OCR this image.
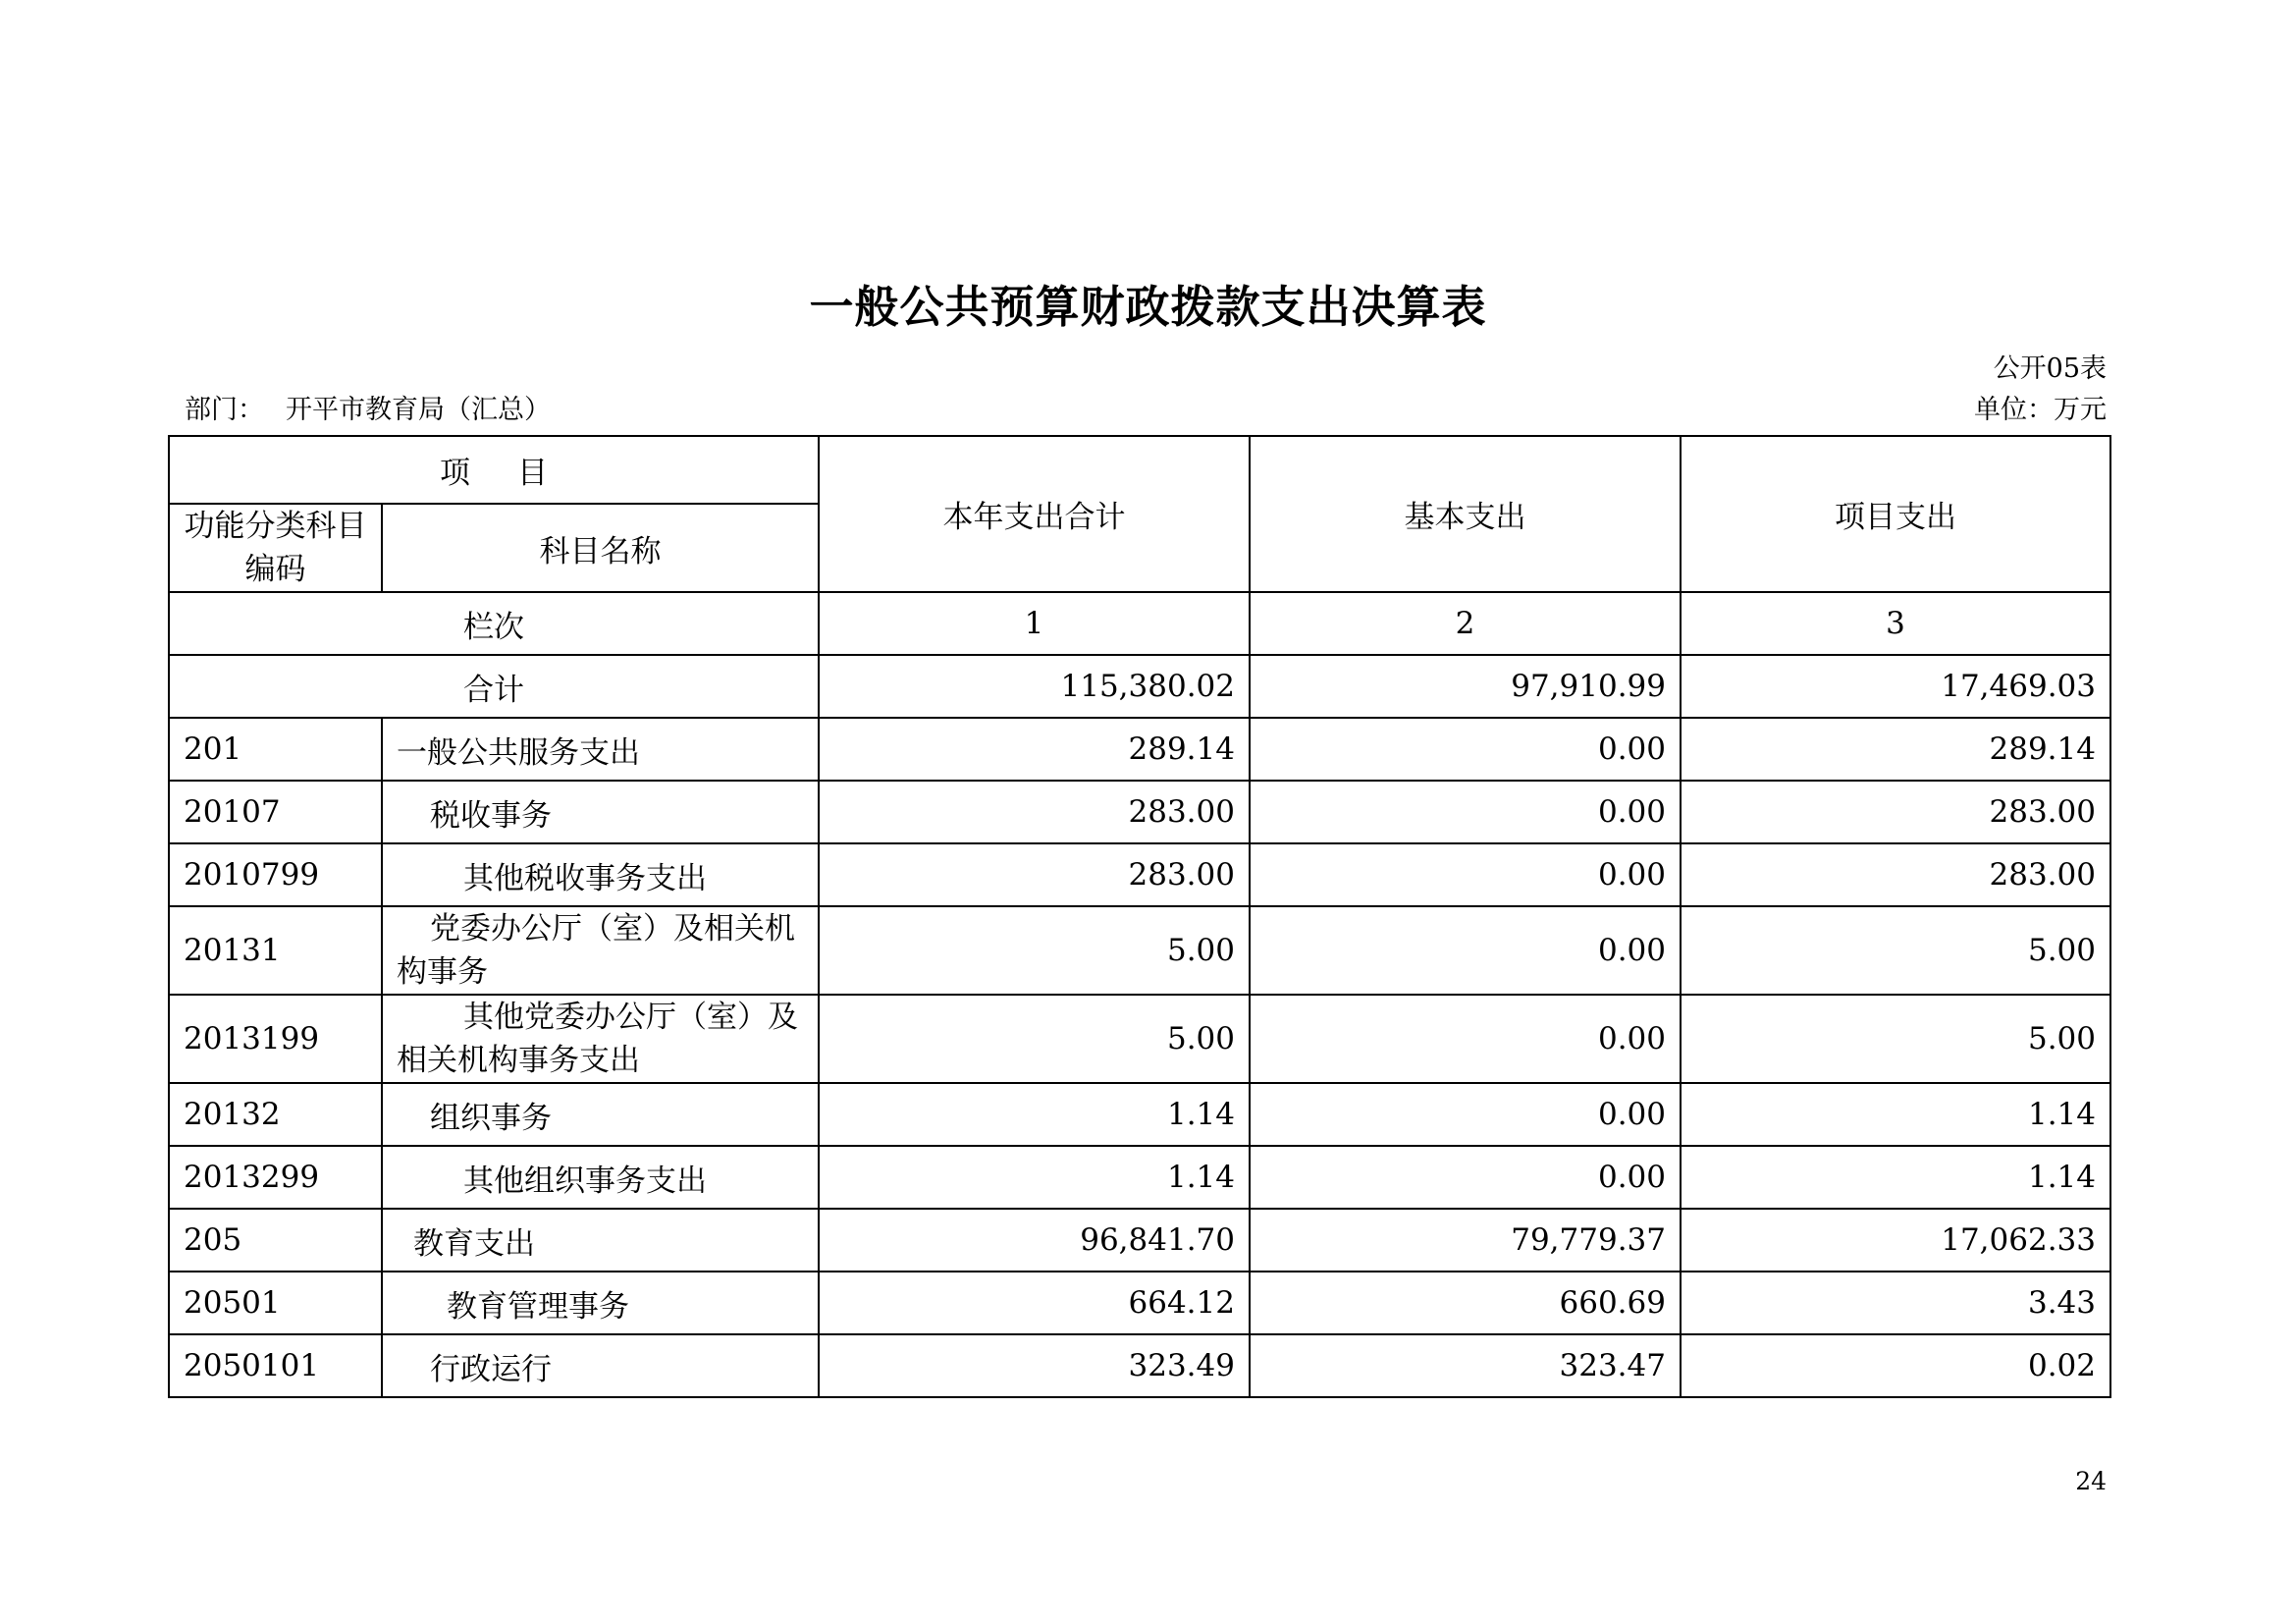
一般公共预算财政拨款支出决算表
公开05表
部门： 开平市教育局（汇总）	单位：万元
项 目		本年支出合计	基本支出	项目支出
功能分类科目编码	科目名称			
栏次		1	2	3
合计		115,380.02	97,910.99	17,469.03
201	一般公共服务支出	289.14	0.00	289.14
20107	税收事务	283.00	0.00	283.00
2010799	其他税收事务支出	283.00	0.00	283.00
20131	党委办公厅（室）及相关机构事务	5.00	0.00	5.00
2013199	其他党委办公厅（室）及相关机构事务支出	5.00	0.00	5.00
20132	组织事务	1.14	0.00	1.14
2013299	其他组织事务支出	1.14	0.00	1.14
205	教育支出	96,841.70	79,779.37	17,062.33
20501	教育管理事务	664.12	660.69	3.43
2050101	行政运行	323.49	323.47	0.02
24
